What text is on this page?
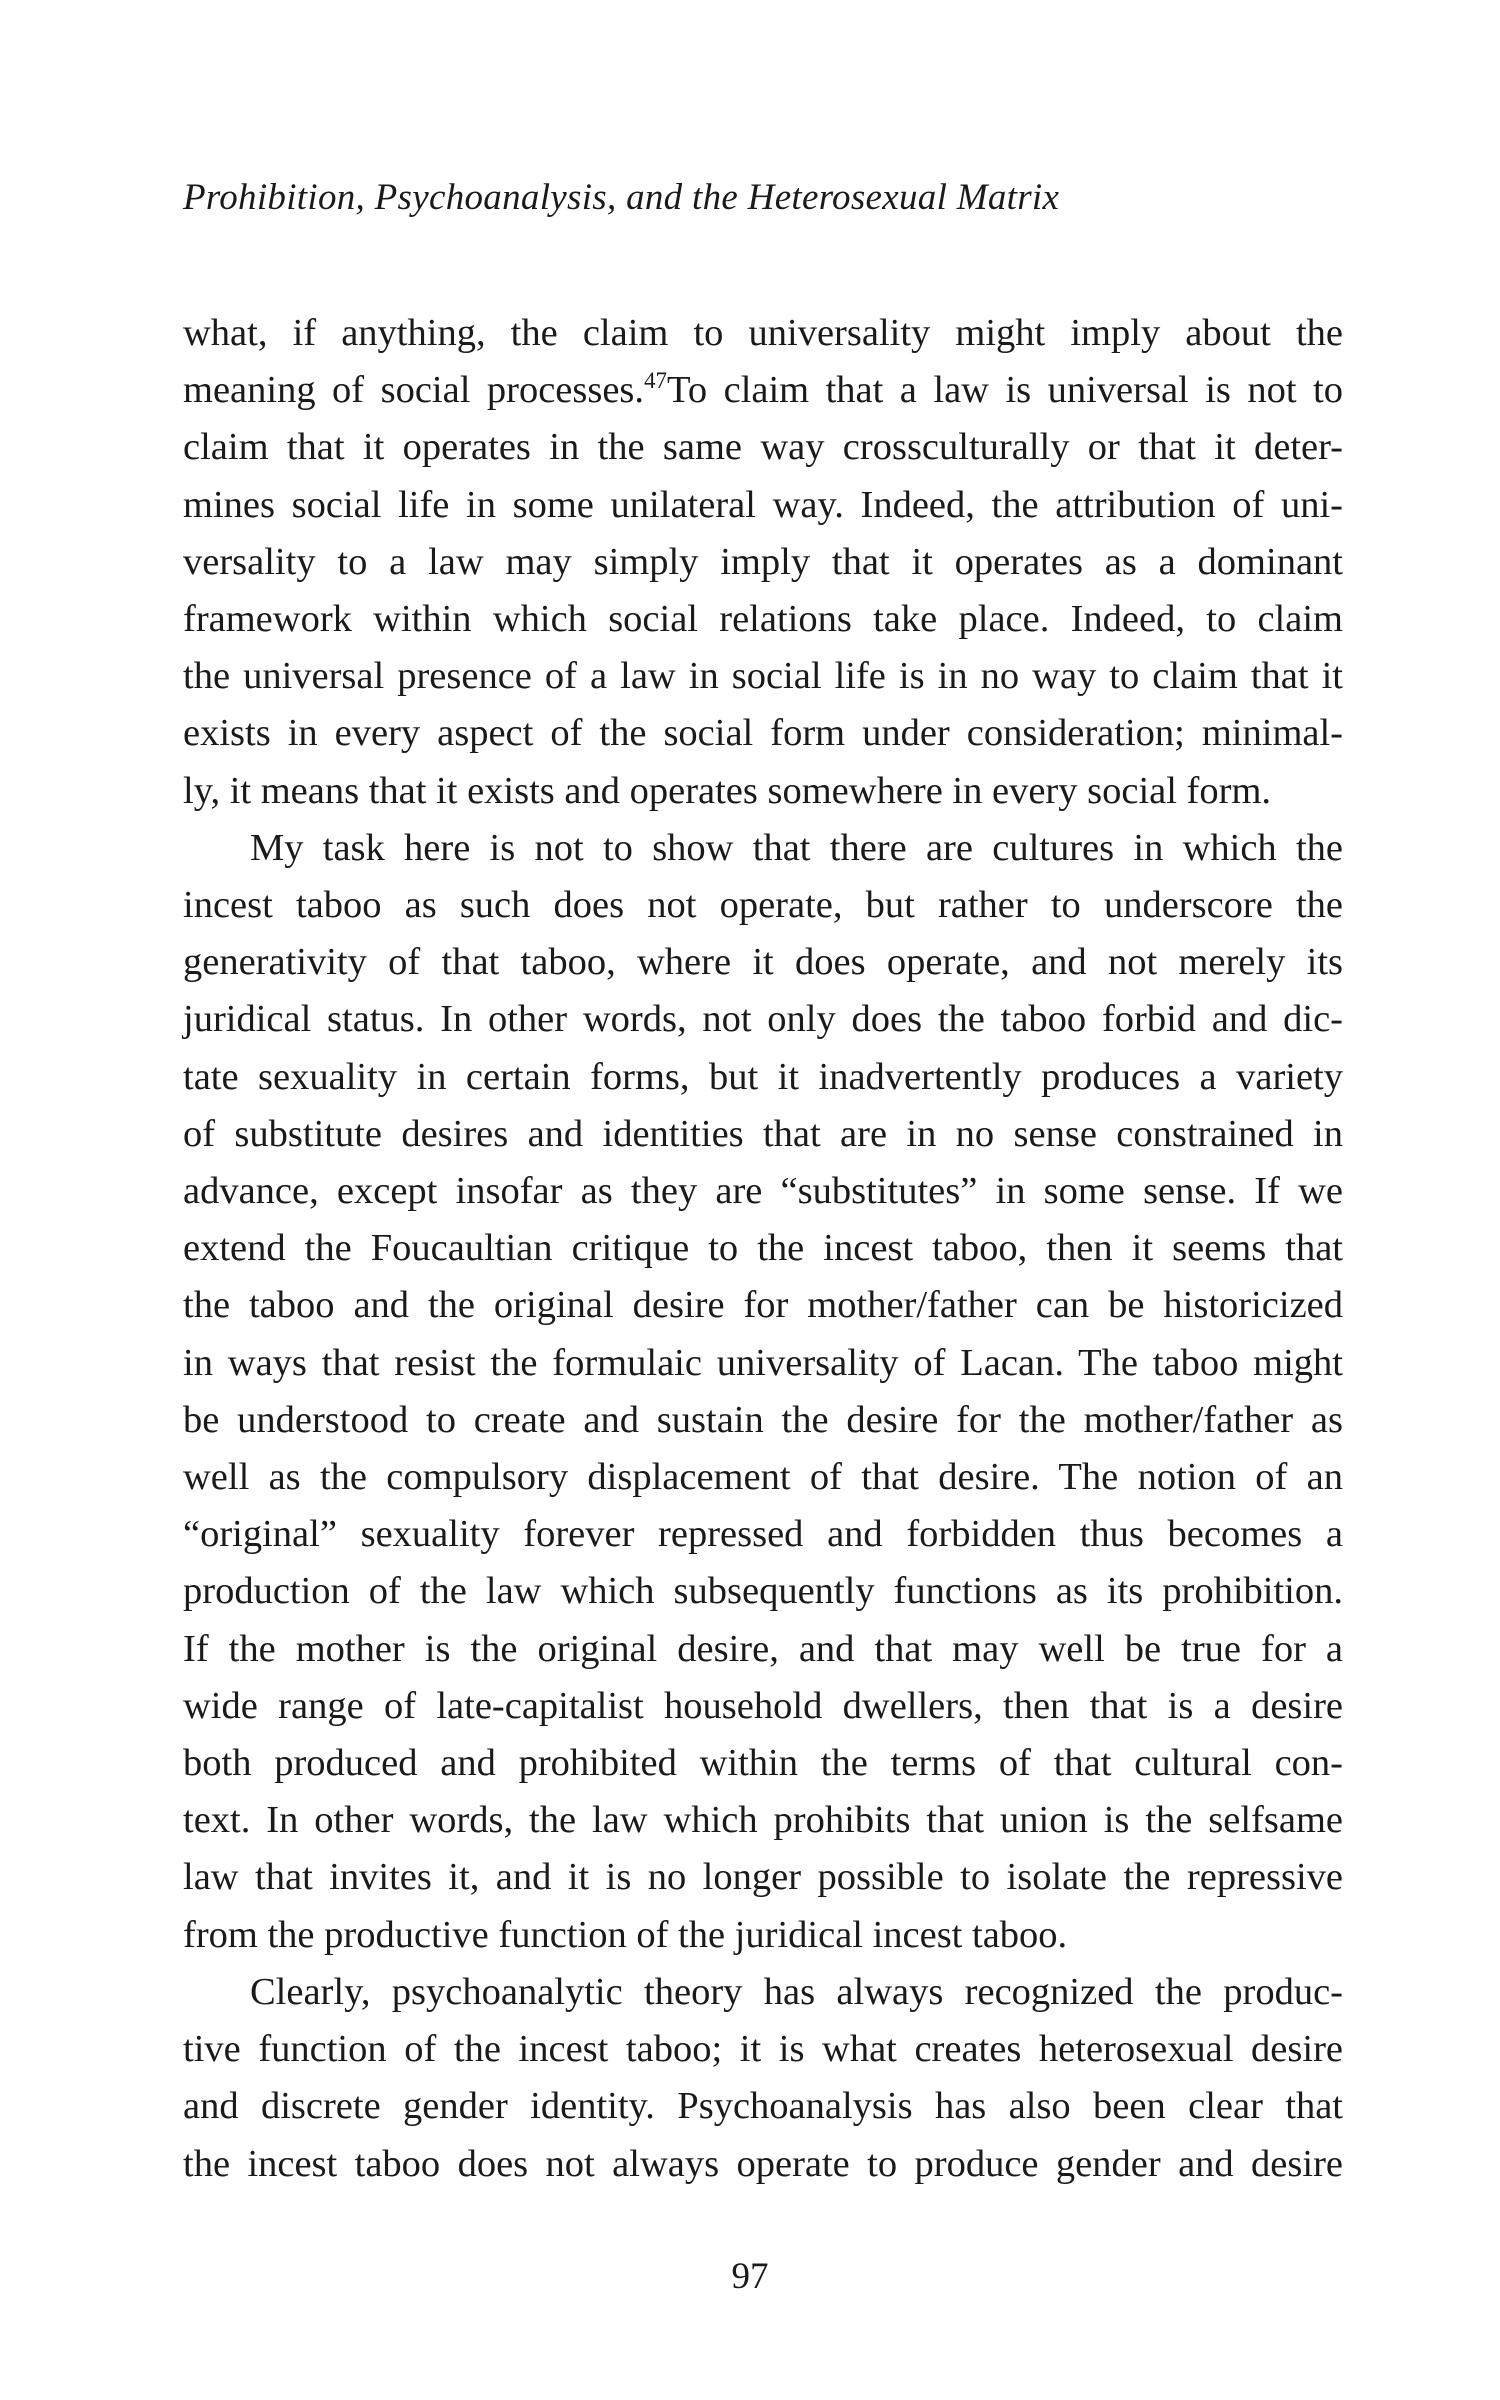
Prohibition, Psychoanalysis, and the Heterosexual Matrix

what, if anything, the claim to universality might imply about the

meaning of social processes.$^{47}$To claim that a law is universal is not to

claim that it operates in the same way crossculturally or that it deter-

mines social life in some unilateral way. Indeed, the attribution of uni-

versality to a law may simply imply that it operates as a dominant

framework within which social relations take place. Indeed, to claim

the universal presence of a law in social life is in no way to claim that it

exists in every aspect of the social form under consideration; minimal-

ly, it means that it exists and operates somewhere in every social form.

My task here is not to show that there are cultures in which the

incest taboo as such does not operate, but rather to underscore the

generativity of that taboo, where it does operate, and not merely its

juridical status. In other words, not only does the taboo forbid and dic-

tate sexuality in certain forms, but it inadvertently produces a variety

of substitute desires and identities that are in no sense constrained in

advance, except insofar as they are “substitutes” in some sense. If we

extend the Foucaultian critique to the incest taboo, then it seems that

the taboo and the original desire for mother/father can be historicized

in ways that resist the formulaic universality of Lacan. The taboo might

be understood to create and sustain the desire for the mother/father as

well as the compulsory displacement of that desire. The notion of an

“original” sexuality forever repressed and forbidden thus becomes a

production of the law which subsequently functions as its prohibition.

If the mother is the original desire, and that may well be true for a

wide range of late-capitalist household dwellers, then that is a desire

both produced and prohibited within the terms of that cultural con-

text. In other words, the law which prohibits that union is the selfsame

law that invites it, and it is no longer possible to isolate the repressive

from the productive function of the juridical incest taboo.

Clearly, psychoanalytic theory has always recognized the produc-

tive function of the incest taboo; it is what creates heterosexual desire

and discrete gender identity. Psychoanalysis has also been clear that

the incest taboo does not always operate to produce gender and desire

97
